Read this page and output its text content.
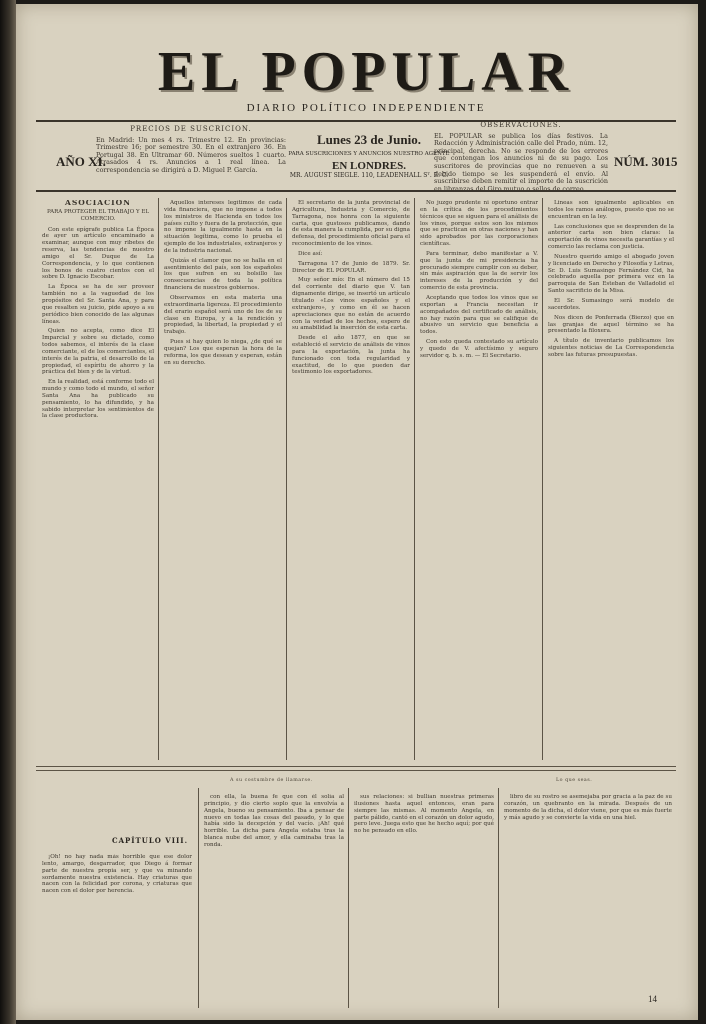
EL POPULAR
DIARIO POLÍTICO INDEPENDIENTE
AÑO XI.
PRECIOS DE SUSCRICION.

En Madrid: Un mes 4 rs. Trimestre 12. En provincias: Trimestre 16; por semestre 30. En el extranjero 36. En Portugal 38. En Ultramar 60. Números sueltos 1 cuarto. Atrasados 4 rs. Anuncios a 1 real línea. La correspondencia se dirigirá a D. Miguel P. García.

Lunes 23 de Junio.
PARA SUSCRICIONES Y ANUNCIOS NUESTRO AGENTE
EN LONDRES.
MR. AUGUST SIEGLE. 110, LEADENHALL Sᵀ. E. C.
OBSERVACIONES.

EL POPULAR se publica los días festivos. La Redacción y Administración calle del Prado, núm. 12, principal, derecha. No se responde de los errores que contengan los anuncios ni de su pago. Los suscritores de provincias que no renueven a su debido tiempo se les suspenderá el envío. Al suscribirse deben remitir el importe de la suscrición en libranzas del Giro mutuo o sellos de correo.

NÚM. 3015
ASOCIACION
PARA PROTEGER EL TRABAJO Y EL COMERCIO.

Con este epígrafe publica La Época de ayer un artículo encaminado a examinar, aunque con muy ribetes de reserva, las tendencias de nuestro amigo el Sr. Duque de La Correspondencia, y lo que contienen los bonos de cuatro cientos con el sobre D. Ignacio Escobar.

La Época se ha de ser proveer también no a la vaguedad de los propósitos del Sr. Santa Ana, y para que resalten su juicio, pide apoyo a su periódico bien conocido de las algunas líneas.

Quien no acepta, como dice El Imparcial y sobre su dictado, como todos sabemos, el interés de la clase comerciante, el de los comerciantes, el interés de la patria, el desarrollo de la propiedad, el espíritu de ahorro y la práctica del bien y de la virtud.

En la realidad, está conforme todo el mundo y como todo el mundo, el señor Santa Ana ha publicado su pensamiento, lo ha difundido, y ha sabido interpretar los sentimientos de la clase productora.

Aquellos intereses legítimos de cada vida financiera, que no impone a todos los ministros de Hacienda en todos los países culto y fuera de la protección, que no impone la igualmente hasta en la situación legítima, como lo prueba el ejemplo de los industriales, extranjeros y de la industria nacional.

Quizás el clamor que no se halla en el asentimiento del país, son los españoles los que sufren en su bolsillo las consecuencias de toda la política financiera de nuestros gobiernos.

Observamos en esta materia una extraordinaria ligereza. El procedimiento del erario español será uno de los de su clase en Europa, y a la rendición y propiedad, la libertad, la propiedad y el trabajo.

Pues si hay quien lo niega, ¿de qué se quejan? Los que esperan la hora de la reforma, los que desean y esperan, están en su derecho.

El secretario de la junta provincial de Agricultura, Industria y Comercio, de Tarragona, nos honra con la siguiente carta, que gustosos publicamos, dando de esta manera la cumplida, por su digna defensa, del procedimiento oficial para el reconocimiento de los vinos.

Dice así:

Tarragona 17 de Junio de 1879. Sr. Director de EL POPULAR.

Muy señor mío: En el número del 15 del corriente del diario que V. tan dignamente dirige, se insertó un artículo titulado «Los vinos españoles y el extranjero», y como en él se hacen apreciaciones que no están de acuerdo con la verdad de los hechos, espero de su amabilidad la inserción de esta carta.

Desde el año 1877, en que se estableció el servicio de análisis de vinos para la exportación, la junta ha funcionado con toda regularidad y exactitud, de lo que pueden dar testimonio los exportadores.

No juzgo prudente ni oportuno entrar en la crítica de los procedimientos técnicos que se siguen para el análisis de los vinos, porque estos son los mismos que se practican en otras naciones y han sido aprobados por las corporaciones científicas.

Para terminar, debo manifestar a V. que la junta de mi presidencia ha procurado siempre cumplir con su deber, sin más aspiración que la de servir los intereses de la producción y del comercio de esta provincia.

Aceptando que todos los vinos que se exportan a Francia necesitan ir acompañados del certificado de análisis, no hay razón para que se califique de abusivo un servicio que beneficia a todos.

Con esto queda contestado su artículo y quedo de V. afectísimo y seguro servidor q. b. s. m. — El Secretario.

Lineas son igualmente aplicables en todos los ramos análogos, puesto que no se encuentran en la ley.

Las conclusiones que se desprenden de la anterior carta son bien claras: la exportación de vinos necesita garantías y el comercio las reclama con justicia.

Nuestro querido amigo el abogado joven y licenciado en Derecho y Filosofía y Letras, Sr. D. Luis Sumasingo Fernández Cid, ha celebrado aquella por primera vez en la parroquia de San Esteban de Valladolid el Santo sacrificio de la Misa.

El Sr. Sumasingo será modelo de sacerdotes.

Nos dicen de Ponferrada (Bierzo) que en las granjas de aquel término se ha presentado la filoxera.

A título de inventario publicamos los siguientes noticias de La Correspondencia sobre las futuras presupuestas.

A su costumbre de llamarse.	Lo que seas.
CAPÍTULO VIII.

¡Oh! no hay nada más horrible que ese dolor lento, amargo, desgarrador, que Diego á formar parte de nuestra propia ser, y que va minando sordamente nuestra existencia. Hay criaturas que nacen con la felicidad por corona, y criaturas que nacen con el dolor por herencia.

con ella, la buena fe que con él solía al principio, y dio cierto soplo que la envolvía a Angela, bueno su pensamiento. Iba a pensar de nuevo en todas las cosas del pasado, y lo que había sido la decepción y del vacío. ¡Ah! qué horrible. La dicha para Angela estaba tras la blanca nube del amor, y ella caminaba tras la ronda.

sus relaciones: si bullían nuestras primeras ilusiones hasta aquel entonces, eran para siempre las mismas. Al momento Angela, en parte pálido, cantó en el corazón un dolor agudo, pero leve. Juega esto que he hecho aquí; por qué no he pensado en ello.

libro de su rostro se asemejaba por gracia a la paz de su corazón, un quebranto en la mirada. Después de un momento de la dicha, el dolor viene, por que es más fuerte y más agudo y se convierte la vida en una hiel.

14
